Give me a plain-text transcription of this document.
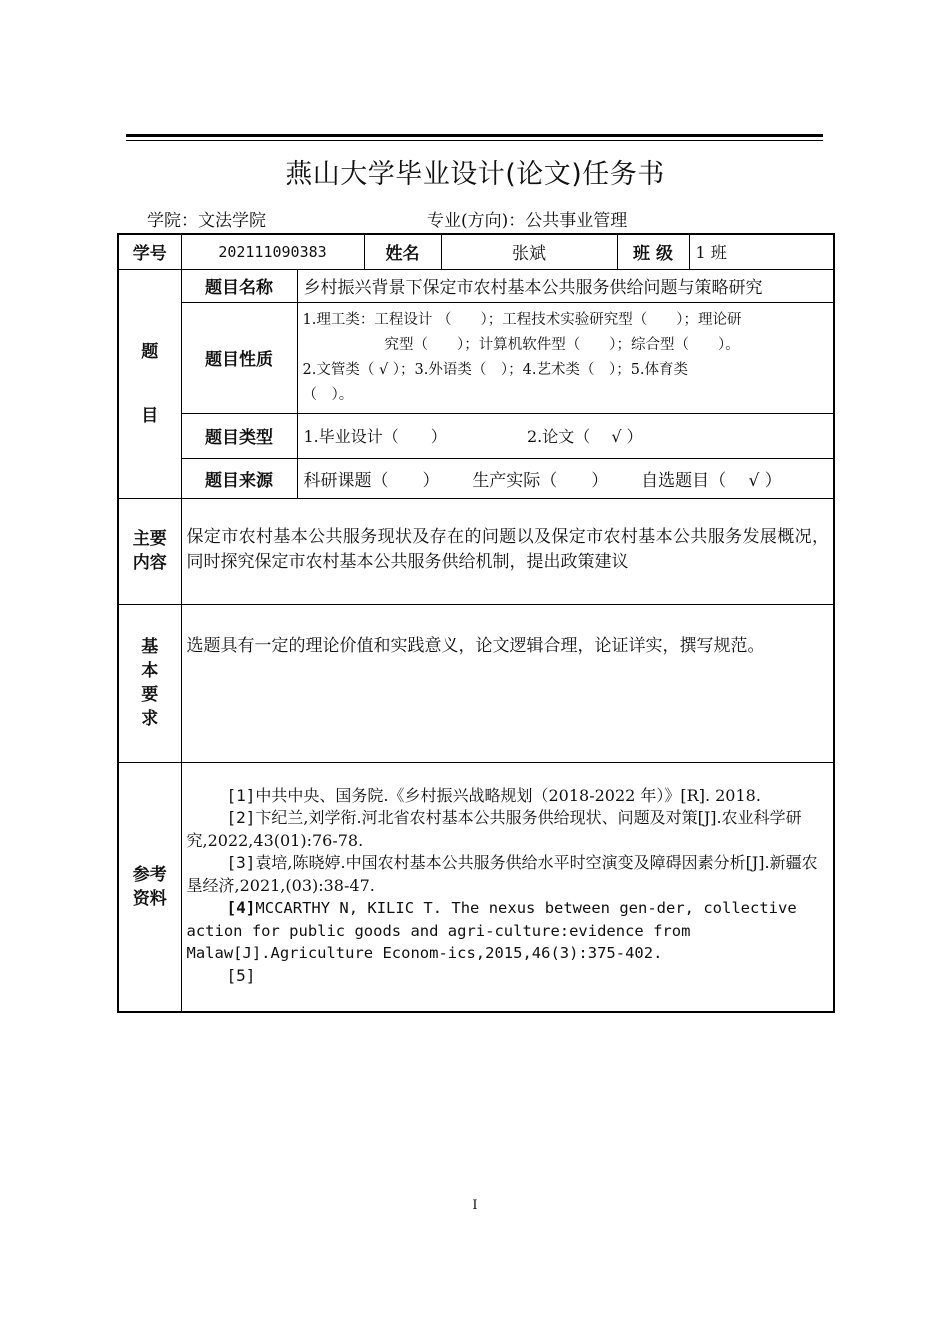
燕山大学毕业设计(论文)任务书
学院：文法学院	专业(方向)：公共事业管理
学号	202111090383		姓名	张斌	班 级	1 班

题
目	题目名称	乡村振兴背景下保定市农村基本公共服务供给问题与策略研究				
	题目性质	1.理工类：工程设计 （　　）；工程技术实验研究型（　　）；理论研
究型（　　）；计算机软件型（　　）；综合型（　　）。
2.文管类（ √ ）；3.外语类（　）；4.艺术类（　）；5.体育类
（　）。				

	题目类型	1.毕业设计（　　） 2.论文（　 √ ）				
	题目来源	科研课题（　　） 生产实际（　　） 自选题目（　 √ ）				

主要
内容	保定市农村基本公共服务现状及存在的问题以及保定市农村基本公共服务发展概况，同时探究保定市农村基本公共服务供给机制，提出政策建议					

基
本
要
求	选题具有一定的理论价值和实践意义，论文逻辑合理，论证详实，撰写规范。					

参考
资料	[1]中共中央、国务院.《乡村振兴战略规划（2018-2022 年）》[R]. 2018.
[2]卞纪兰,刘学衔.河北省农村基本公共服务供给现状、问题及对策[J].农业科学研究,2022,43(01):76-78.
[3]袁培,陈晓婷.中国农村基本公共服务供给水平时空演变及障碍因素分析[J].新疆农垦经济,2021,(03):38-47.
[4]MCCARTHY N, KILIC T. The nexus between gen-der, collective action for public goods and agri-culture:evidence from Malaw[J].Agriculture Econom-ics,2015,46(3):375-402.
[5]					
I
